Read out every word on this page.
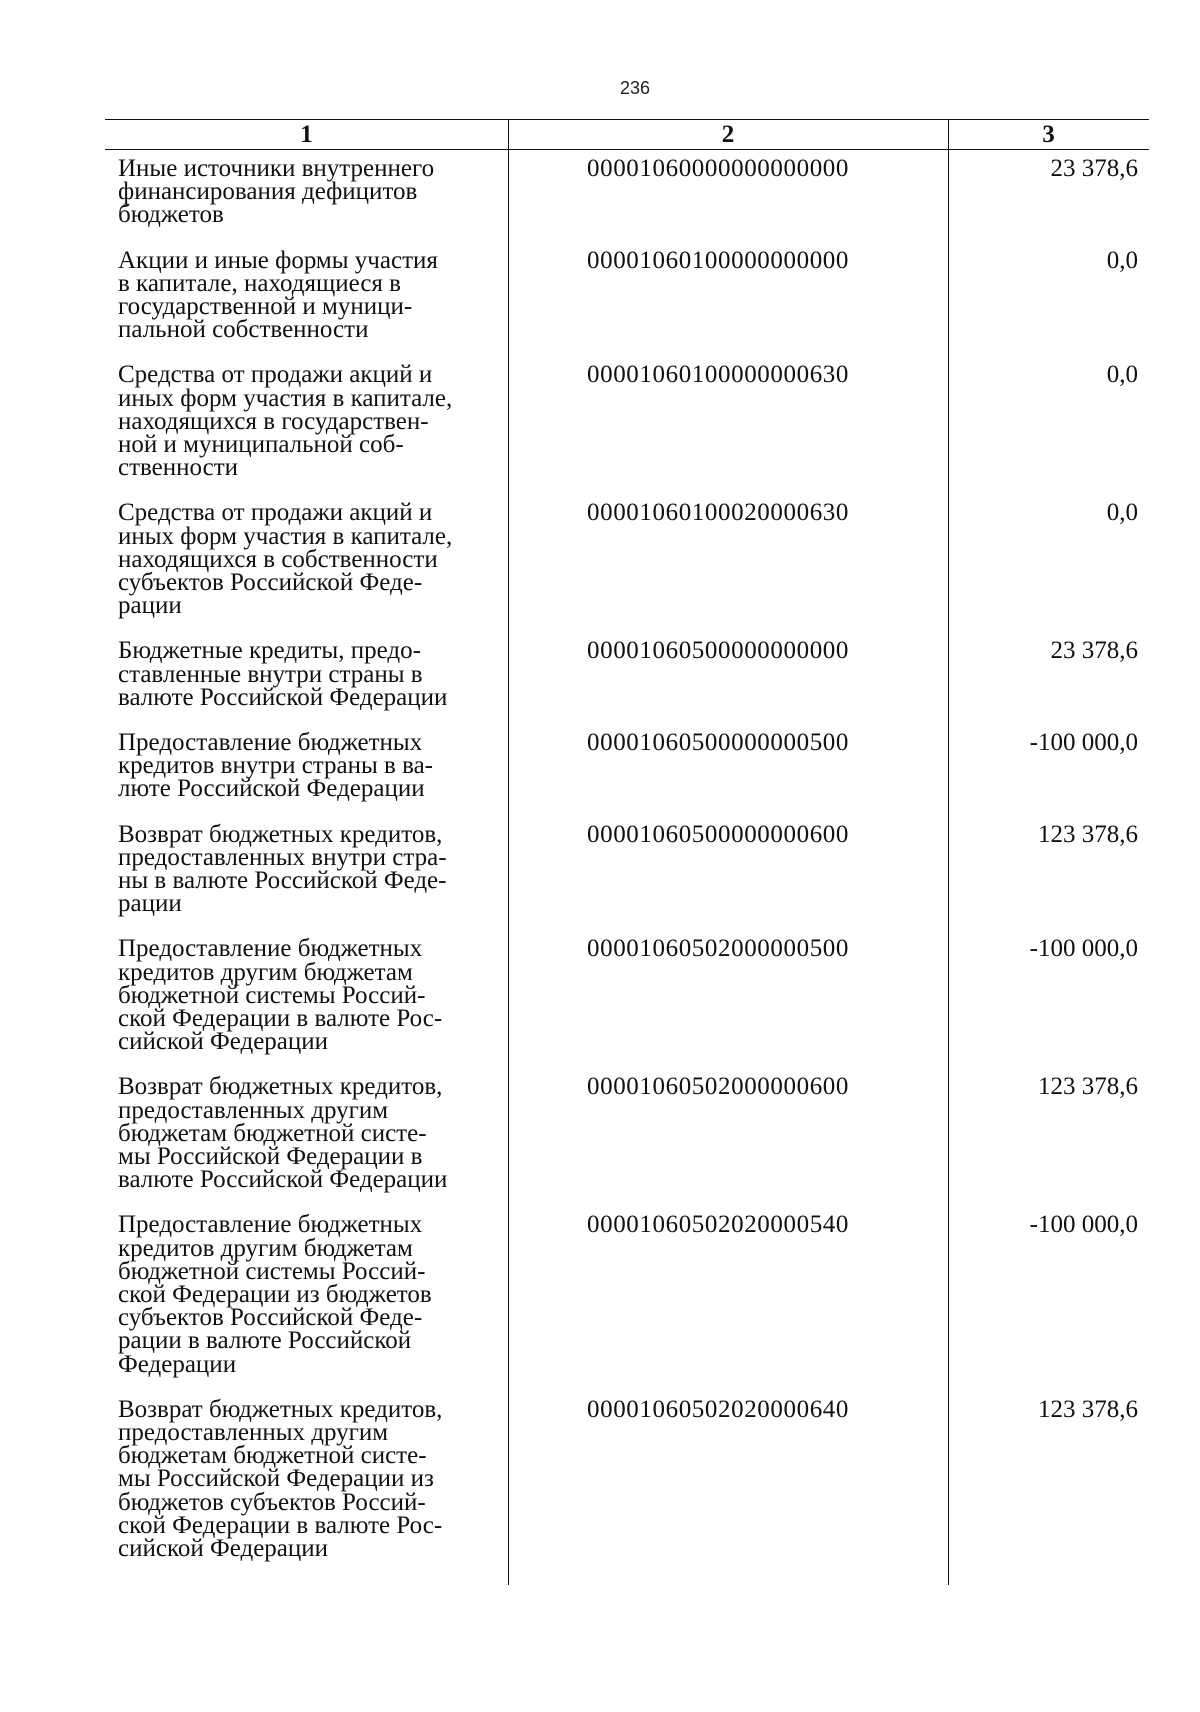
236
1	2	3
Иные источники внутреннего
финансирования дефицитов
бюджетов
00001060000000000000	23 378,6
Акции и иные формы участия
в капитале, находящиеся в
государственной и муници-
пальной собственности
00001060100000000000	0,0
Средства от продажи акций и
иных форм участия в капитале,
находящихся в государствен-
ной и муниципальной соб-
ственности
00001060100000000630	0,0
Средства от продажи акций и
иных форм участия в капитале,
находящихся в собственности
субъектов Российской Феде-
рации
00001060100020000630	0,0
Бюджетные кредиты, предо-
ставленные внутри страны в
валюте Российской Федерации
00001060500000000000	23 378,6
Предоставление бюджетных
кредитов внутри страны в ва-
люте Российской Федерации
00001060500000000500	-100 000,0
Возврат бюджетных кредитов,
предоставленных внутри стра-
ны в валюте Российской Феде-
рации
00001060500000000600	123 378,6
Предоставление бюджетных
кредитов другим бюджетам
бюджетной системы Россий-
ской Федерации в валюте Рос-
сийской Федерации
00001060502000000500	-100 000,0
Возврат бюджетных кредитов,
предоставленных другим
бюджетам бюджетной систе-
мы Российской Федерации в
валюте Российской Федерации
00001060502000000600	123 378,6
Предоставление бюджетных
кредитов другим бюджетам
бюджетной системы Россий-
ской Федерации из бюджетов
субъектов Российской Феде-
рации в валюте Российской
Федерации
00001060502020000540	-100 000,0
Возврат бюджетных кредитов,
предоставленных другим
бюджетам бюджетной систе-
мы Российской Федерации из
бюджетов субъектов Россий-
ской Федерации в валюте Рос-
сийской Федерации
00001060502020000640	123 378,6
